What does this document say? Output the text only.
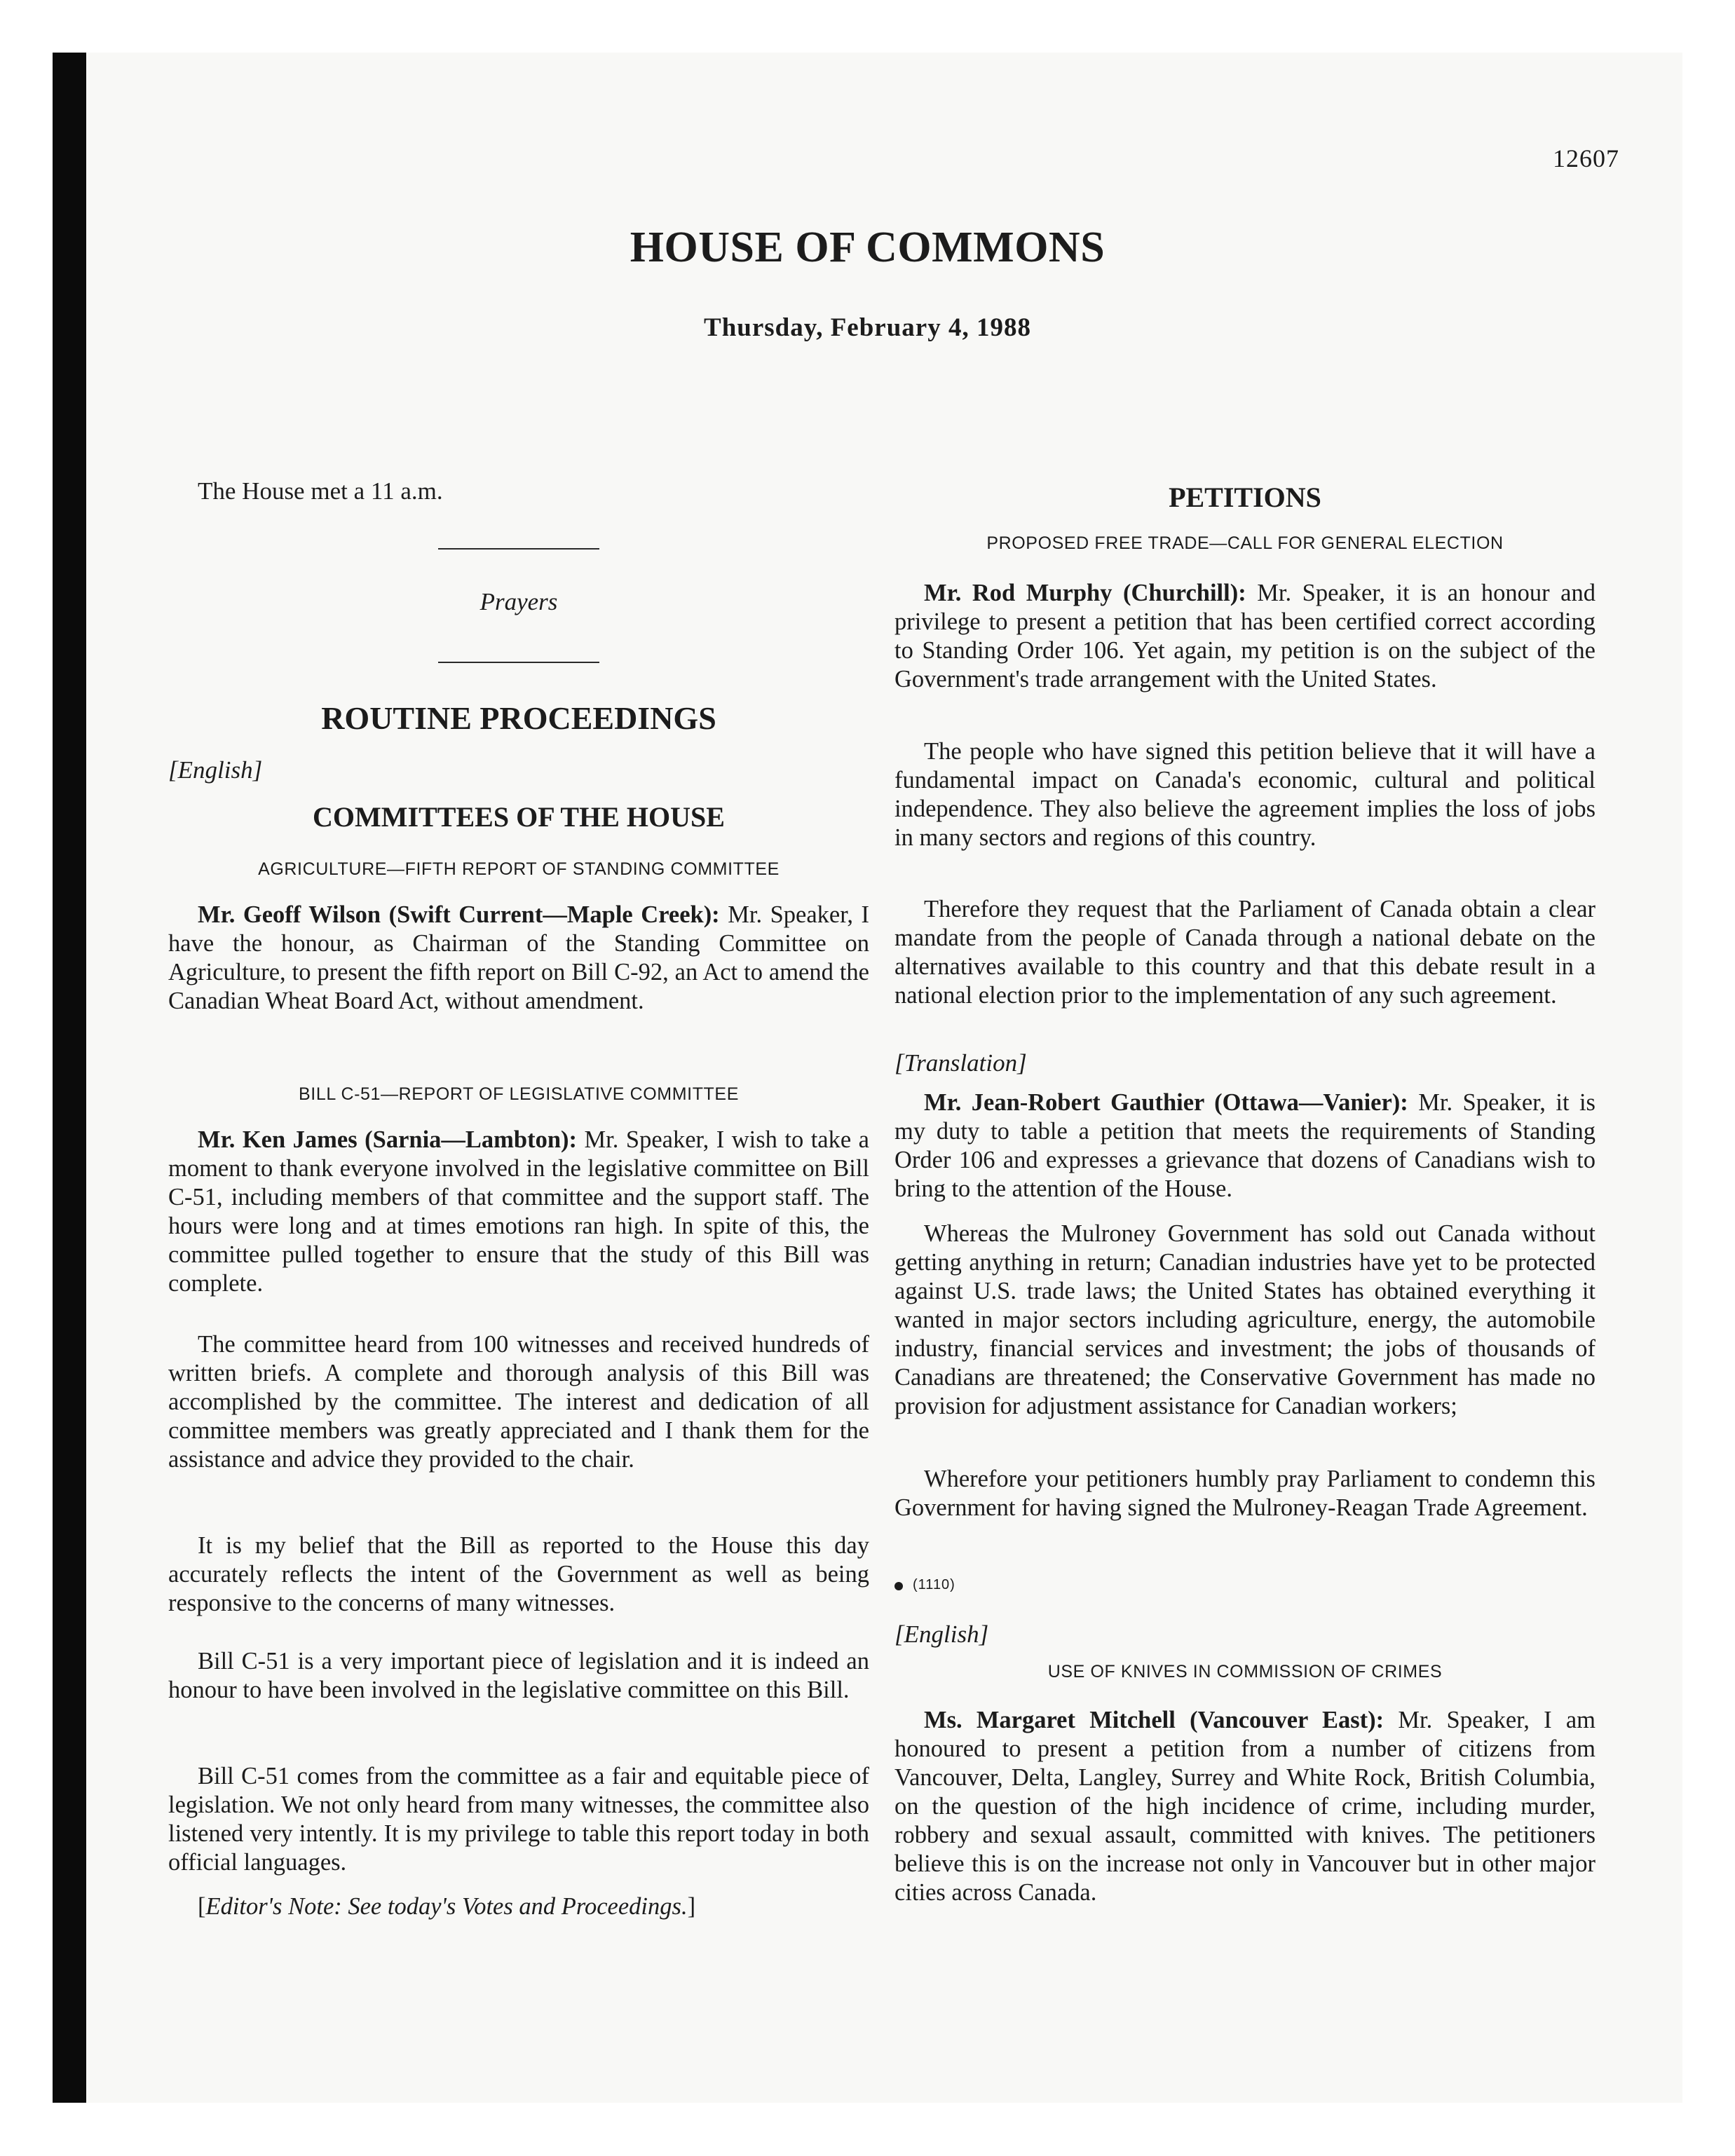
12607
HOUSE OF COMMONS
Thursday, February 4, 1988
The House met a 11 a.m.
Prayers
ROUTINE PROCEEDINGS
[English]
COMMITTEES OF THE HOUSE
AGRICULTURE—FIFTH REPORT OF STANDING COMMITTEE

Mr. Geoff Wilson (Swift Current—Maple Creek): Mr. Speaker, I have the honour, as Chairman of the Standing Committee on Agriculture, to present the fifth report on Bill C-92, an Act to amend the Canadian Wheat Board Act, without amendment.

BILL C-51—REPORT OF LEGISLATIVE COMMITTEE

Mr. Ken James (Sarnia—Lambton): Mr. Speaker, I wish to take a moment to thank everyone involved in the legislative committee on Bill C-51, including members of that committee and the support staff. The hours were long and at times emotions ran high. In spite of this, the committee pulled together to ensure that the study of this Bill was complete.

The committee heard from 100 witnesses and received hundreds of written briefs. A complete and thorough analysis of this Bill was accomplished by the committee. The interest and dedication of all committee members was greatly appreciated and I thank them for the assistance and advice they provided to the chair.

It is my belief that the Bill as reported to the House this day accurately reflects the intent of the Government as well as being responsive to the concerns of many witnesses.

Bill C-51 is a very important piece of legislation and it is indeed an honour to have been involved in the legislative committee on this Bill.

Bill C-51 comes from the committee as a fair and equitable piece of legislation. We not only heard from many witnesses, the committee also listened very intently. It is my privilege to table this report today in both official languages.

[Editor's Note: See today's Votes and Proceedings.]
PETITIONS
PROPOSED FREE TRADE—CALL FOR GENERAL ELECTION

Mr. Rod Murphy (Churchill): Mr. Speaker, it is an honour and privilege to present a petition that has been certified correct according to Standing Order 106. Yet again, my petition is on the subject of the Government's trade arrangement with the United States.

The people who have signed this petition believe that it will have a fundamental impact on Canada's economic, cultural and political independence. They also believe the agreement implies the loss of jobs in many sectors and regions of this country.

Therefore they request that the Parliament of Canada obtain a clear mandate from the people of Canada through a national debate on the alternatives available to this country and that this debate result in a national election prior to the implementation of any such agreement.

[Translation]

Mr. Jean-Robert Gauthier (Ottawa—Vanier): Mr. Speaker, it is my duty to table a petition that meets the requirements of Standing Order 106 and expresses a grievance that dozens of Canadians wish to bring to the attention of the House.

Whereas the Mulroney Government has sold out Canada without getting anything in return; Canadian industries have yet to be protected against U.S. trade laws; the United States has obtained everything it wanted in major sectors including agriculture, energy, the automobile industry, financial services and investment; the jobs of thousands of Canadians are threatened; the Conservative Government has made no provision for adjustment assistance for Canadian workers;

Wherefore your petitioners humbly pray Parliament to condemn this Government for having signed the Mulroney-Reagan Trade Agreement.

(1110)
[English]
USE OF KNIVES IN COMMISSION OF CRIMES

Ms. Margaret Mitchell (Vancouver East): Mr. Speaker, I am honoured to present a petition from a number of citizens from Vancouver, Delta, Langley, Surrey and White Rock, British Columbia, on the question of the high incidence of crime, including murder, robbery and sexual assault, committed with knives. The petitioners believe this is on the increase not only in Vancouver but in other major cities across Canada.
